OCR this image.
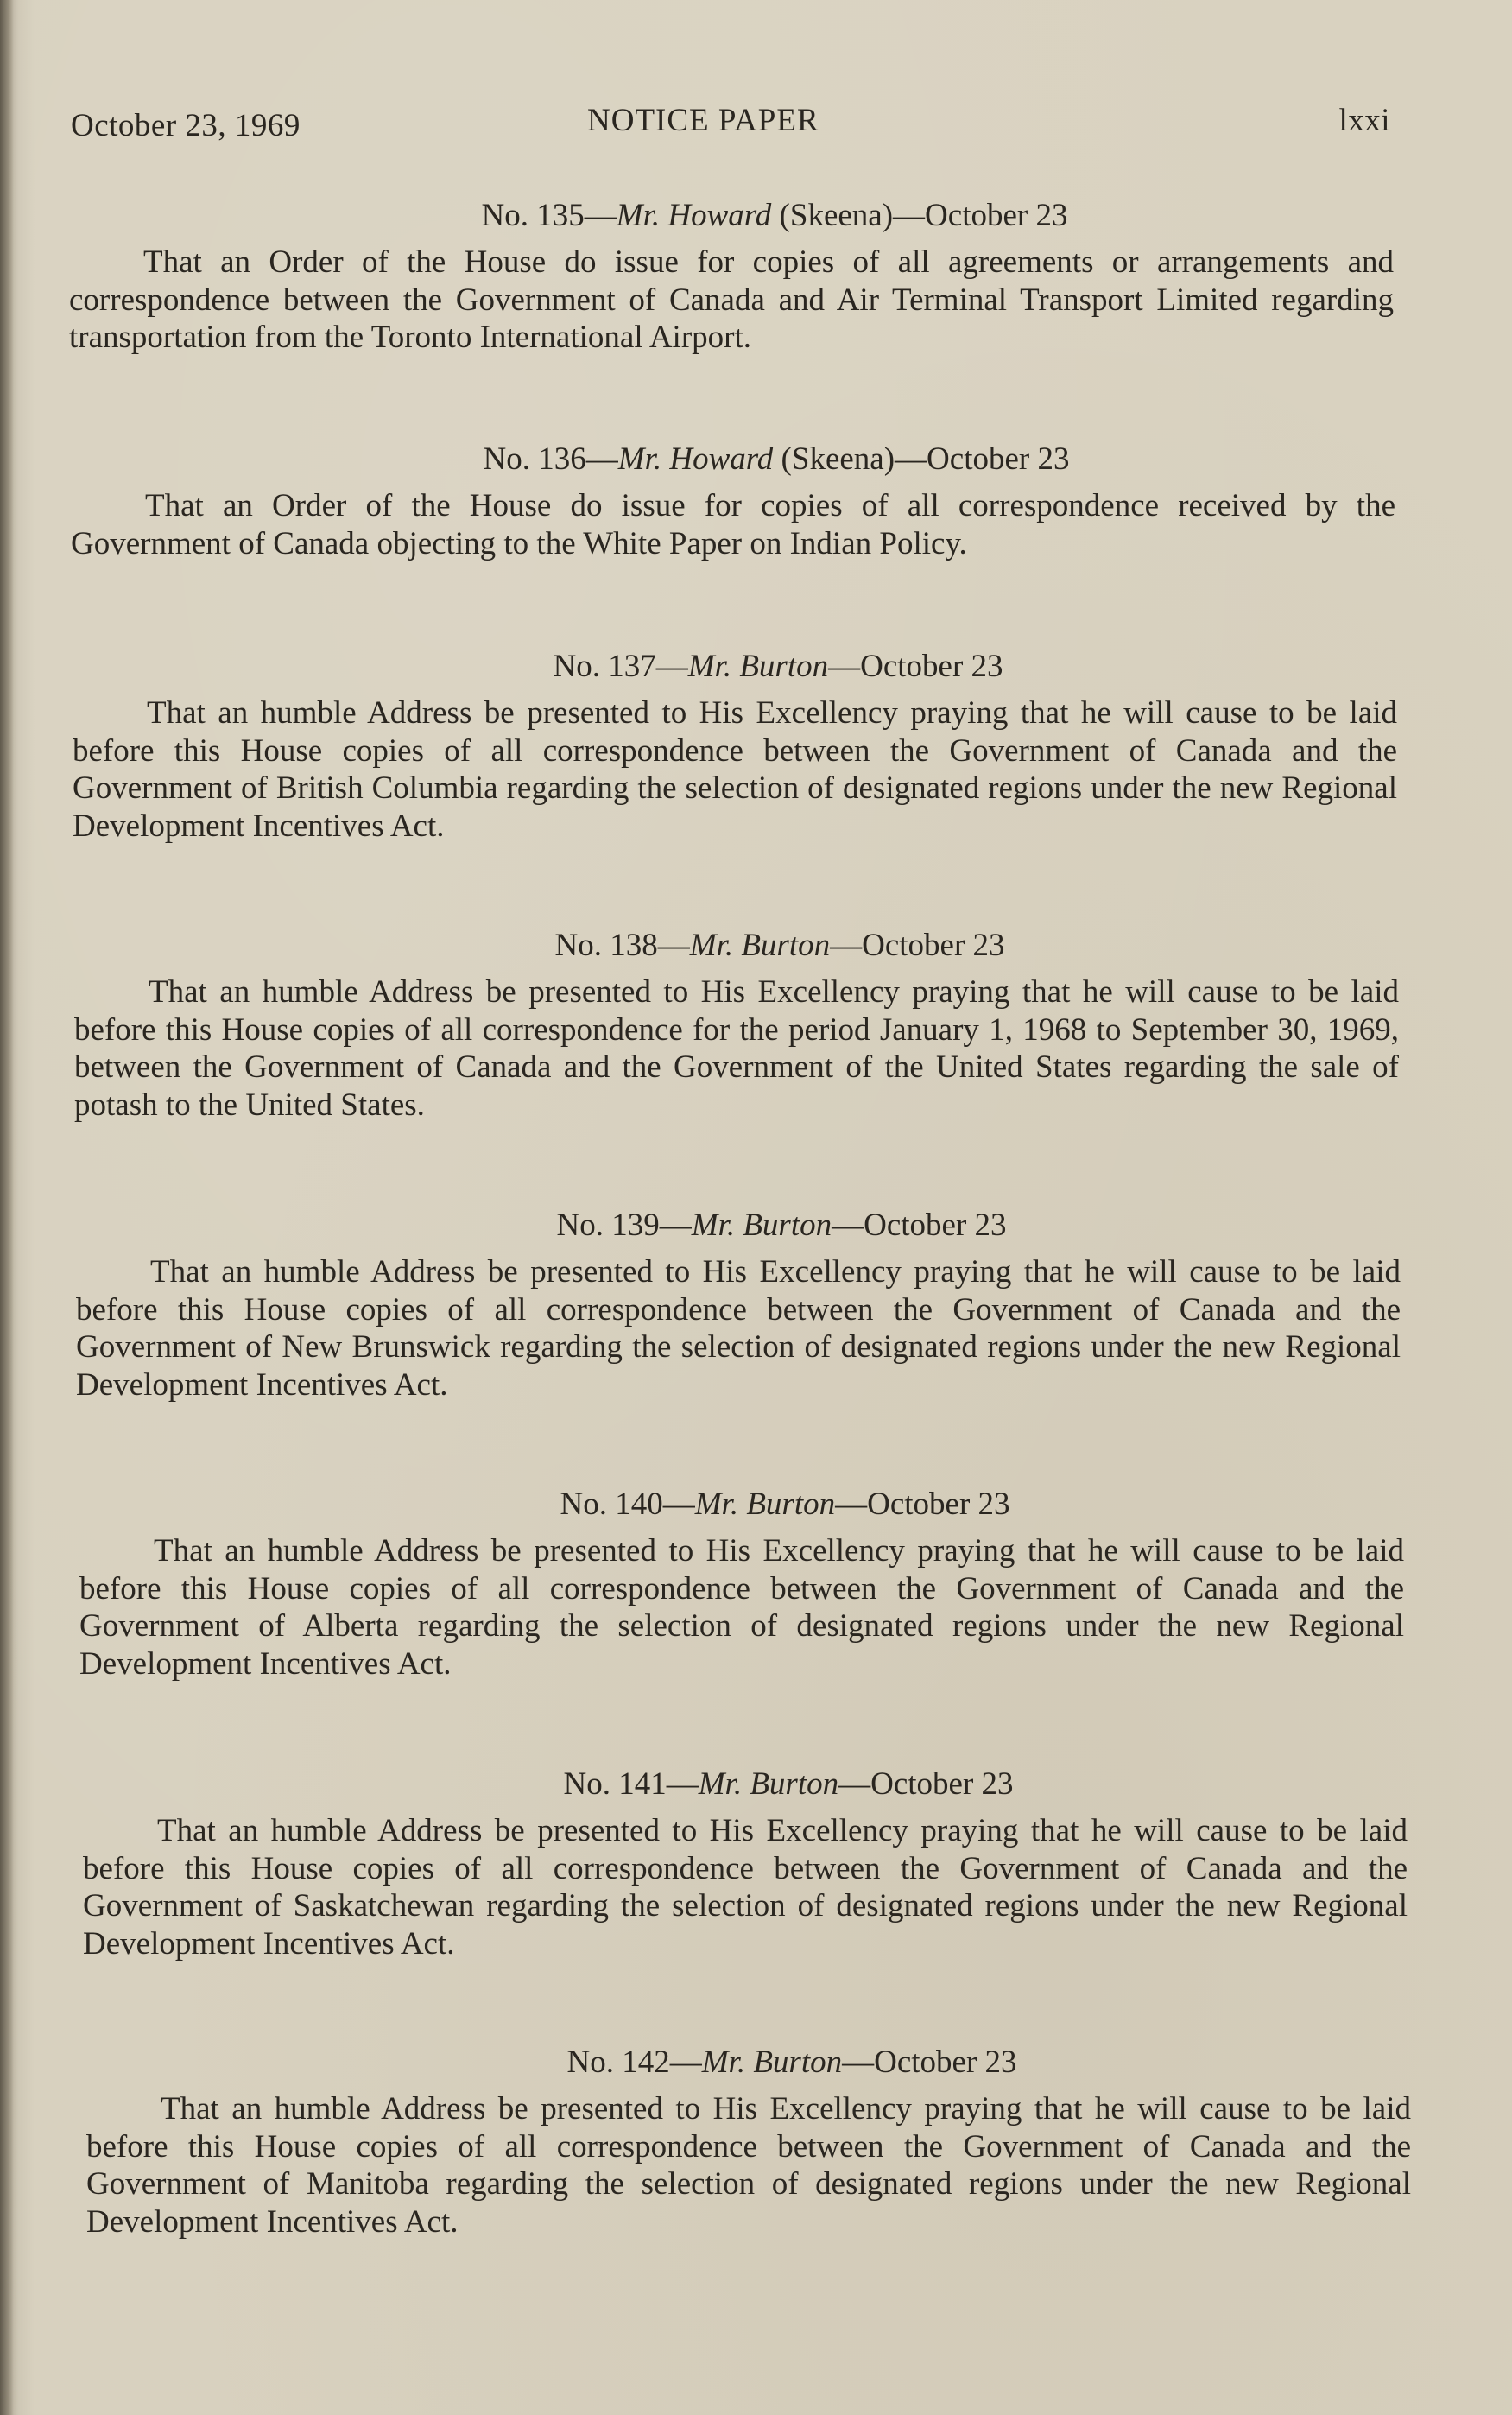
October 23, 1969	NOTICE PAPER	lxxi
No. 135—Mr. Howard (Skeena)—October 23

That an Order of the House do issue for copies of all agreements or arrangements and correspondence between the Government of Canada and Air Terminal Transport Limited regarding transportation from the Toronto International Airport.

No. 136—Mr. Howard (Skeena)—October 23

That an Order of the House do issue for copies of all correspondence received by the Government of Canada objecting to the White Paper on Indian Policy.

No. 137—Mr. Burton—October 23

That an humble Address be presented to His Excellency praying that he will cause to be laid before this House copies of all correspondence between the Government of Canada and the Government of British Columbia regarding the selection of designated regions under the new Regional Development Incentives Act.

No. 138—Mr. Burton—October 23

That an humble Address be presented to His Excellency praying that he will cause to be laid before this House copies of all correspondence for the period January 1, 1968 to September 30, 1969, between the Government of Canada and the Government of the United States regarding the sale of potash to the United States.

No. 139—Mr. Burton—October 23

That an humble Address be presented to His Excellency praying that he will cause to be laid before this House copies of all correspondence between the Government of Canada and the Government of New Brunswick regarding the selection of designated regions under the new Regional Development Incentives Act.

No. 140—Mr. Burton—October 23

That an humble Address be presented to His Excellency praying that he will cause to be laid before this House copies of all correspondence between the Government of Canada and the Government of Alberta regarding the selection of designated regions under the new Regional Development Incentives Act.

No. 141—Mr. Burton—October 23

That an humble Address be presented to His Excellency praying that he will cause to be laid before this House copies of all correspondence between the Government of Canada and the Government of Saskatchewan regarding the selection of designated regions under the new Regional Development Incentives Act.

No. 142—Mr. Burton—October 23

That an humble Address be presented to His Excellency praying that he will cause to be laid before this House copies of all correspondence between the Government of Canada and the Government of Manitoba regarding the selection of designated regions under the new Regional Development Incentives Act.
